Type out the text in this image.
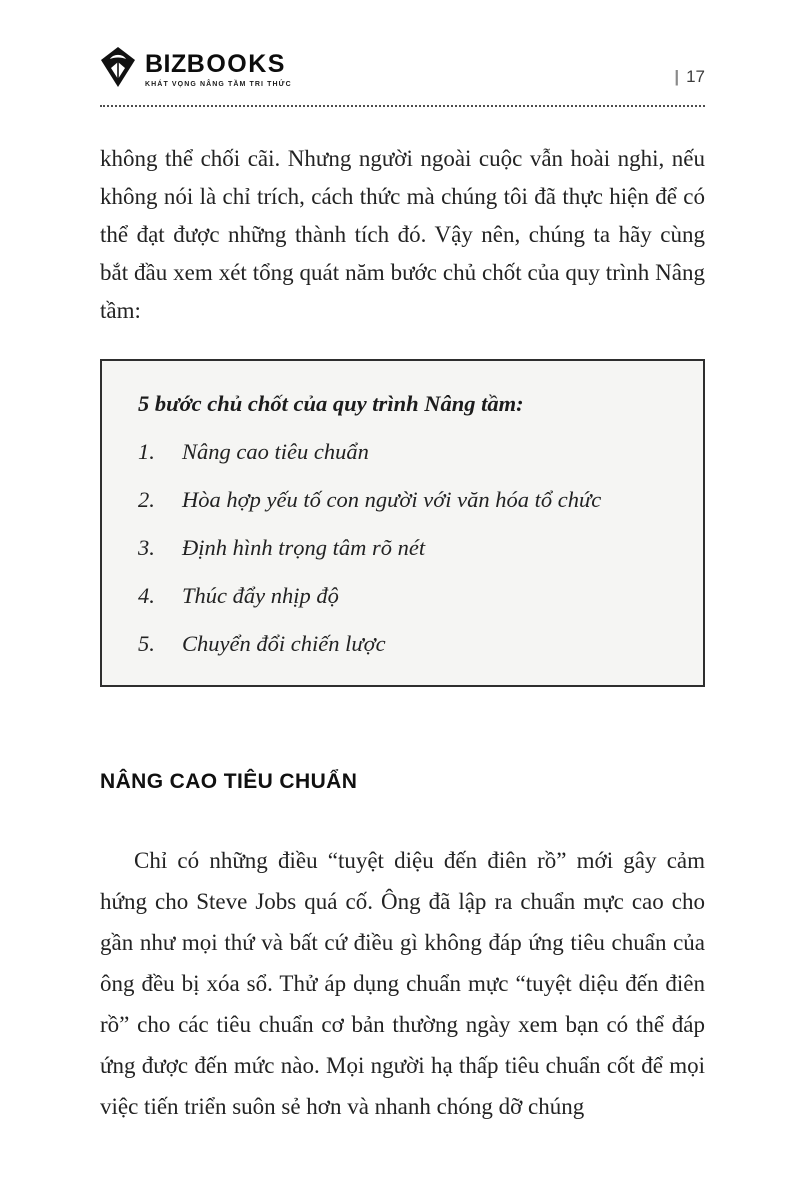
BIZBOOKS
KHÁT VỌNG NÂNG TẦM TRI THỨC	| 17

không thể chối cãi. Nhưng người ngoài cuộc vẫn hoài nghi, nếu không nói là chỉ trích, cách thức mà chúng tôi đã thực hiện để có thể đạt được những thành tích đó. Vậy nên, chúng ta hãy cùng bắt đầu xem xét tổng quát năm bước chủ chốt của quy trình Nâng tầm:

5 bước chủ chốt của quy trình Nâng tầm:

1.	Nâng cao tiêu chuẩn
2.	Hòa hợp yếu tố con người với văn hóa tổ chức
3.	Định hình trọng tâm rõ nét
4.	Thúc đẩy nhịp độ
5.	Chuyển đổi chiến lược
NÂNG CAO TIÊU CHUẨN

Chỉ có những điều “tuyệt diệu đến điên rồ” mới gây cảm hứng cho Steve Jobs quá cố. Ông đã lập ra chuẩn mực cao cho gần như mọi thứ và bất cứ điều gì không đáp ứng tiêu chuẩn của ông đều bị xóa sổ. Thử áp dụng chuẩn mực “tuyệt diệu đến điên rồ” cho các tiêu chuẩn cơ bản thường ngày xem bạn có thể đáp ứng được đến mức nào. Mọi người hạ thấp tiêu chuẩn cốt để mọi việc tiến triển suôn sẻ hơn và nhanh chóng dỡ chúng
